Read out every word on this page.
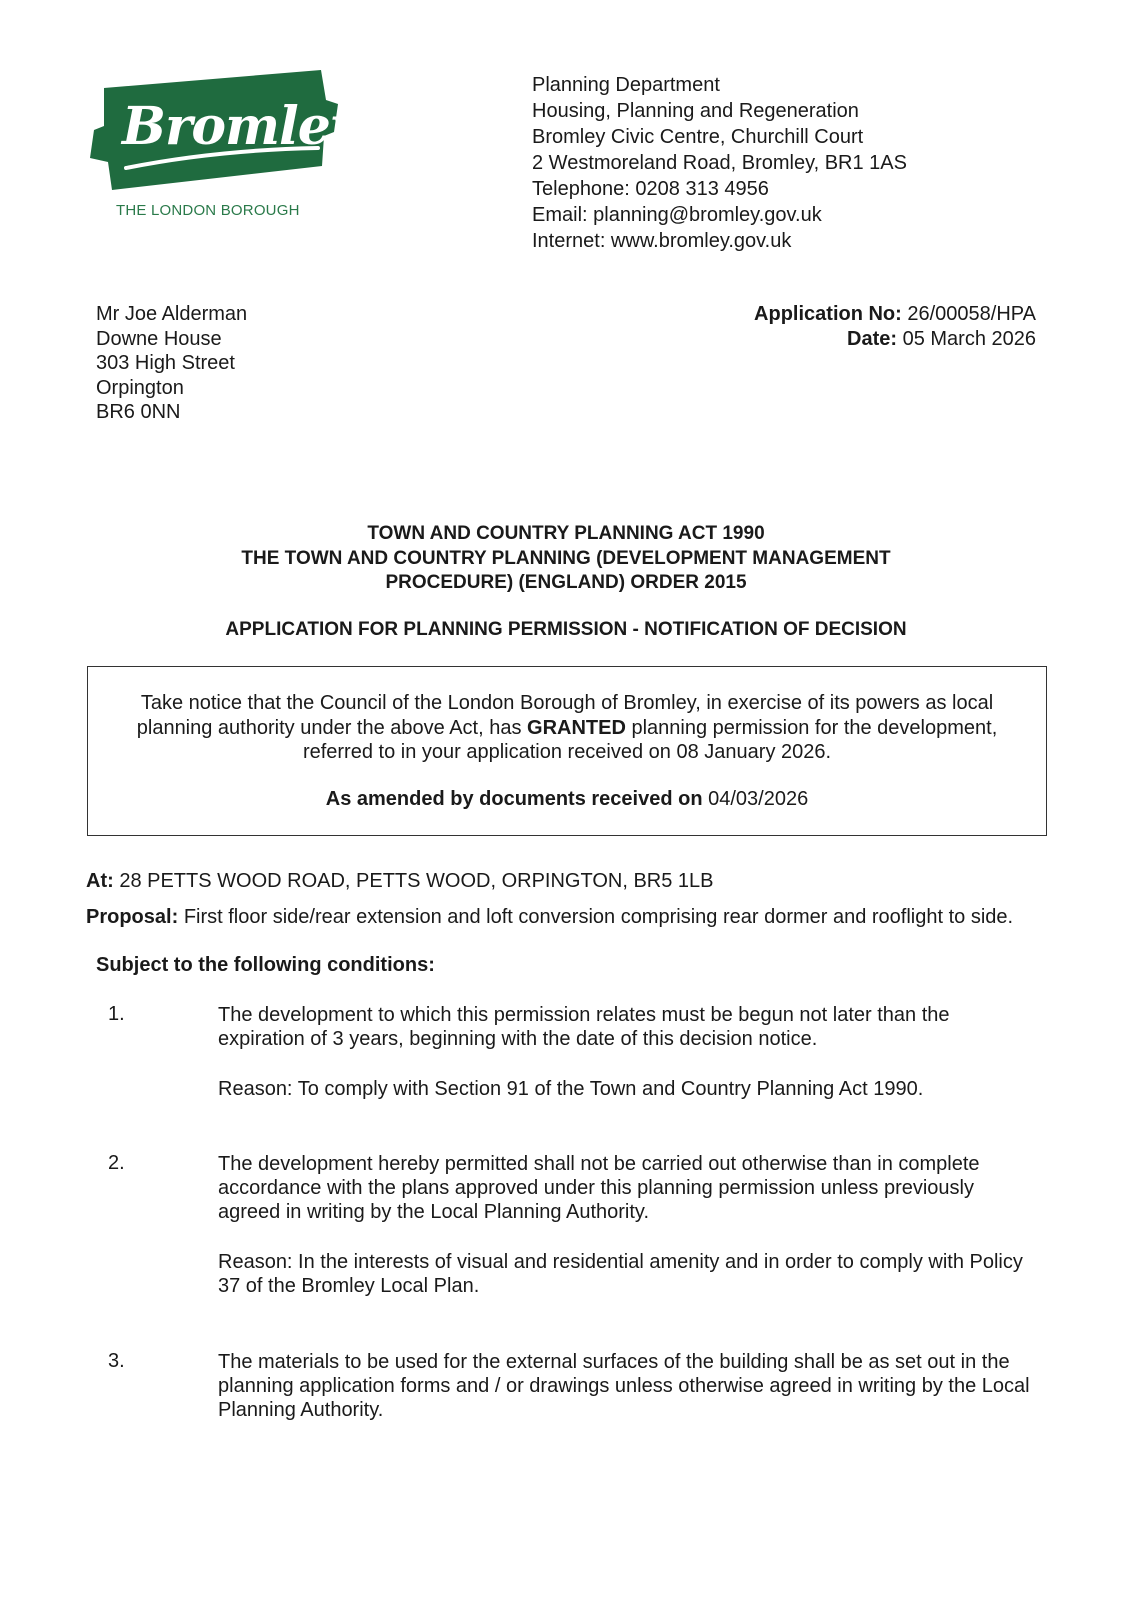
Bromley
THE LONDON BOROUGH
Planning Department
Housing, Planning and Regeneration
Bromley Civic Centre, Churchill Court
2 Westmoreland Road, Bromley, BR1 1AS
Telephone: 0208 313 4956
Email: planning@bromley.gov.uk
Internet: www.bromley.gov.uk
Mr Joe Alderman
Downe House
303 High Street
Orpington
BR6 0NN
Application No: 26/00058/HPA
Date: 05 March 2026
TOWN AND COUNTRY PLANNING ACT 1990
THE TOWN AND COUNTRY PLANNING (DEVELOPMENT MANAGEMENT
PROCEDURE) (ENGLAND) ORDER 2015
APPLICATION FOR PLANNING PERMISSION - NOTIFICATION OF DECISION
Take notice that the Council of the London Borough of Bromley, in exercise of its powers as local planning authority under the above Act, has GRANTED planning permission for the development, referred to in your application received on 08 January 2026.
As amended by documents received on 04/03/2026
At: 28 PETTS WOOD ROAD, PETTS WOOD, ORPINGTON, BR5 1LB
Proposal: First floor side/rear extension and loft conversion comprising rear dormer and rooflight to side.
Subject to the following conditions:
1.	The development to which this permission relates must be begun not later than the expiration of 3 years, beginning with the date of this decision notice.
Reason: To comply with Section 91 of the Town and Country Planning Act 1990.
2.	The development hereby permitted shall not be carried out otherwise than in complete accordance with the plans approved under this planning permission unless previously agreed in writing by the Local Planning Authority.
Reason: In the interests of visual and residential amenity and in order to comply with Policy 37 of the Bromley Local Plan.
3.	The materials to be used for the external surfaces of the building shall be as set out in the planning application forms and / or drawings unless otherwise agreed in writing by the Local Planning Authority.
